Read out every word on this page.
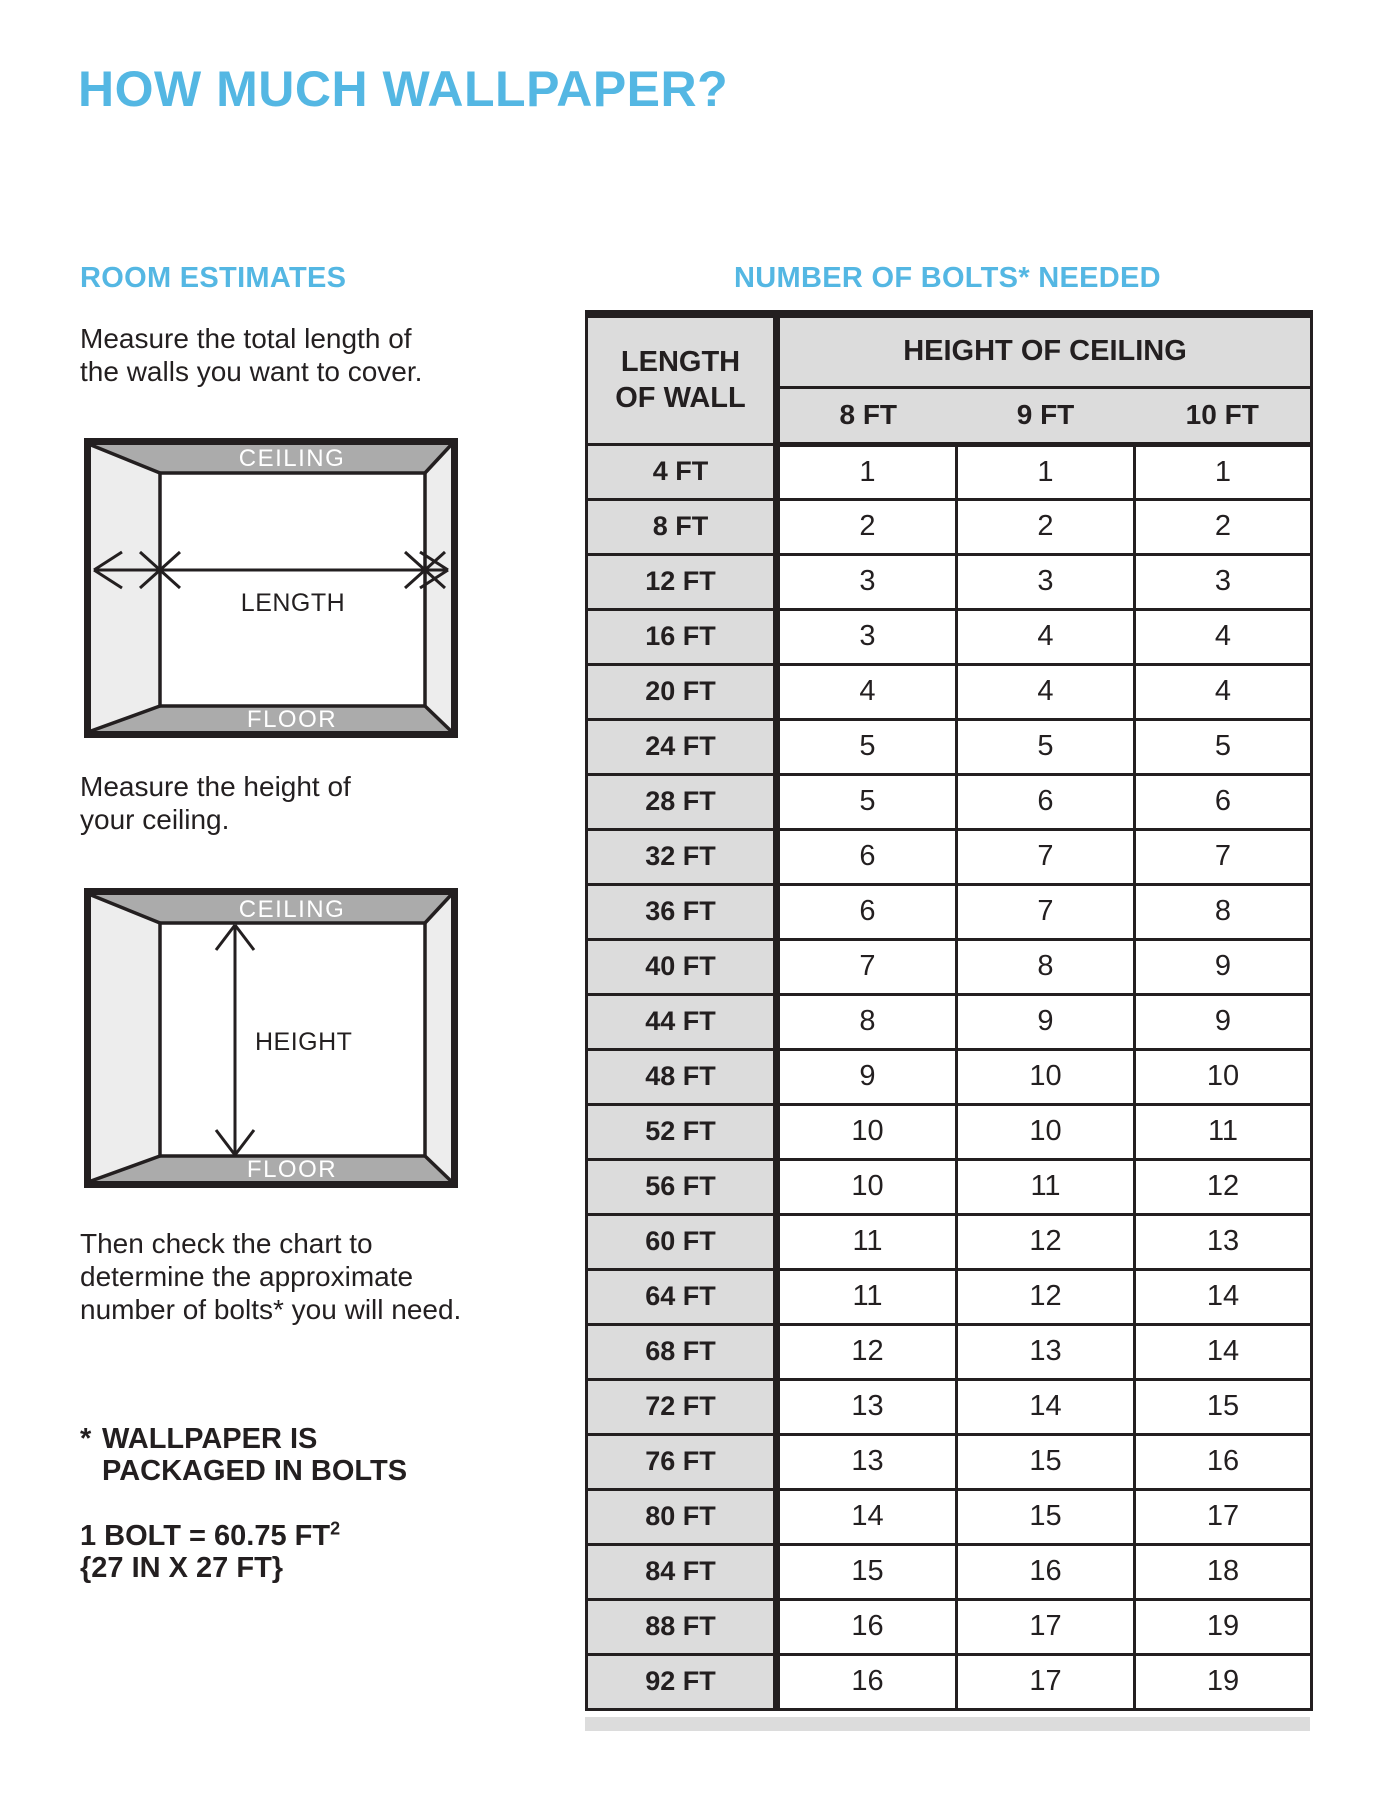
HOW MUCH WALLPAPER?
ROOM ESTIMATES	NUMBER OF BOLTS* NEEDED
Measure the total length of
the walls you want to cover.
CEILING
FLOOR
LENGTH
Measure the height of
your ceiling.
CEILING
FLOOR
HEIGHT
Then check the chart to
determine the approximate
number of bolts* you will need.
* WALLPAPER IS
PACKAGED IN BOLTS
1 BOLT = 60.75 $FT^2$
{27 IN X 27 FT}
LENGTH
OF WALL	HEIGHT OF CEILING		
	8 FT	9 FT	10 FT
4 FT	1	1	1
8 FT	2	2	2
12 FT	3	3	3
16 FT	3	4	4
20 FT	4	4	4
24 FT	5	5	5
28 FT	5	6	6
32 FT	6	7	7
36 FT	6	7	8
40 FT	7	8	9
44 FT	8	9	9
48 FT	9	10	10
52 FT	10	10	11
56 FT	10	11	12
60 FT	11	12	13
64 FT	11	12	14
68 FT	12	13	14
72 FT	13	14	15
76 FT	13	15	16
80 FT	14	15	17
84 FT	15	16	18
88 FT	16	17	19
92 FT	16	17	19
